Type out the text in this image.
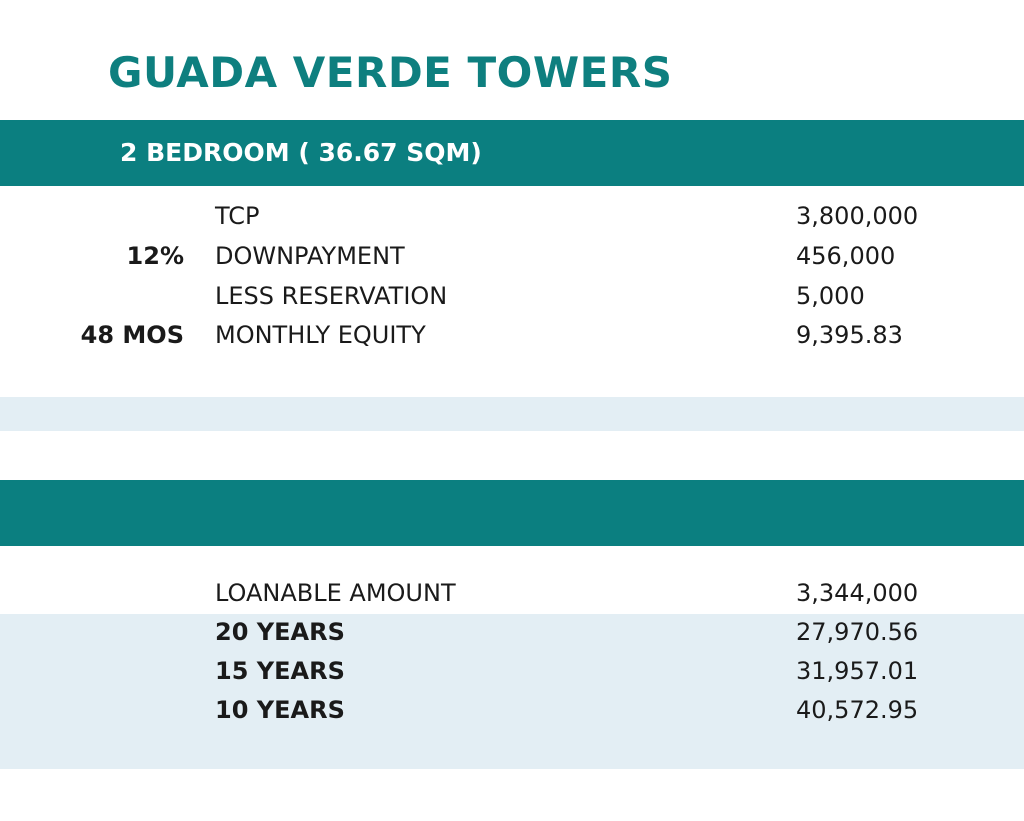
GUADA VERDE TOWERS
2 BEDROOM ( 36.67 SQM)
TCP	3,800,000
12% DOWNPAYMENT	456,000
LESS RESERVATION	5,000
48 MOS MONTHLY EQUITY	9,395.83
LOANABLE AMOUNT	3,344,000
20 YEARS	27,970.56
15 YEARS	31,957.01
10 YEARS	40,572.95
